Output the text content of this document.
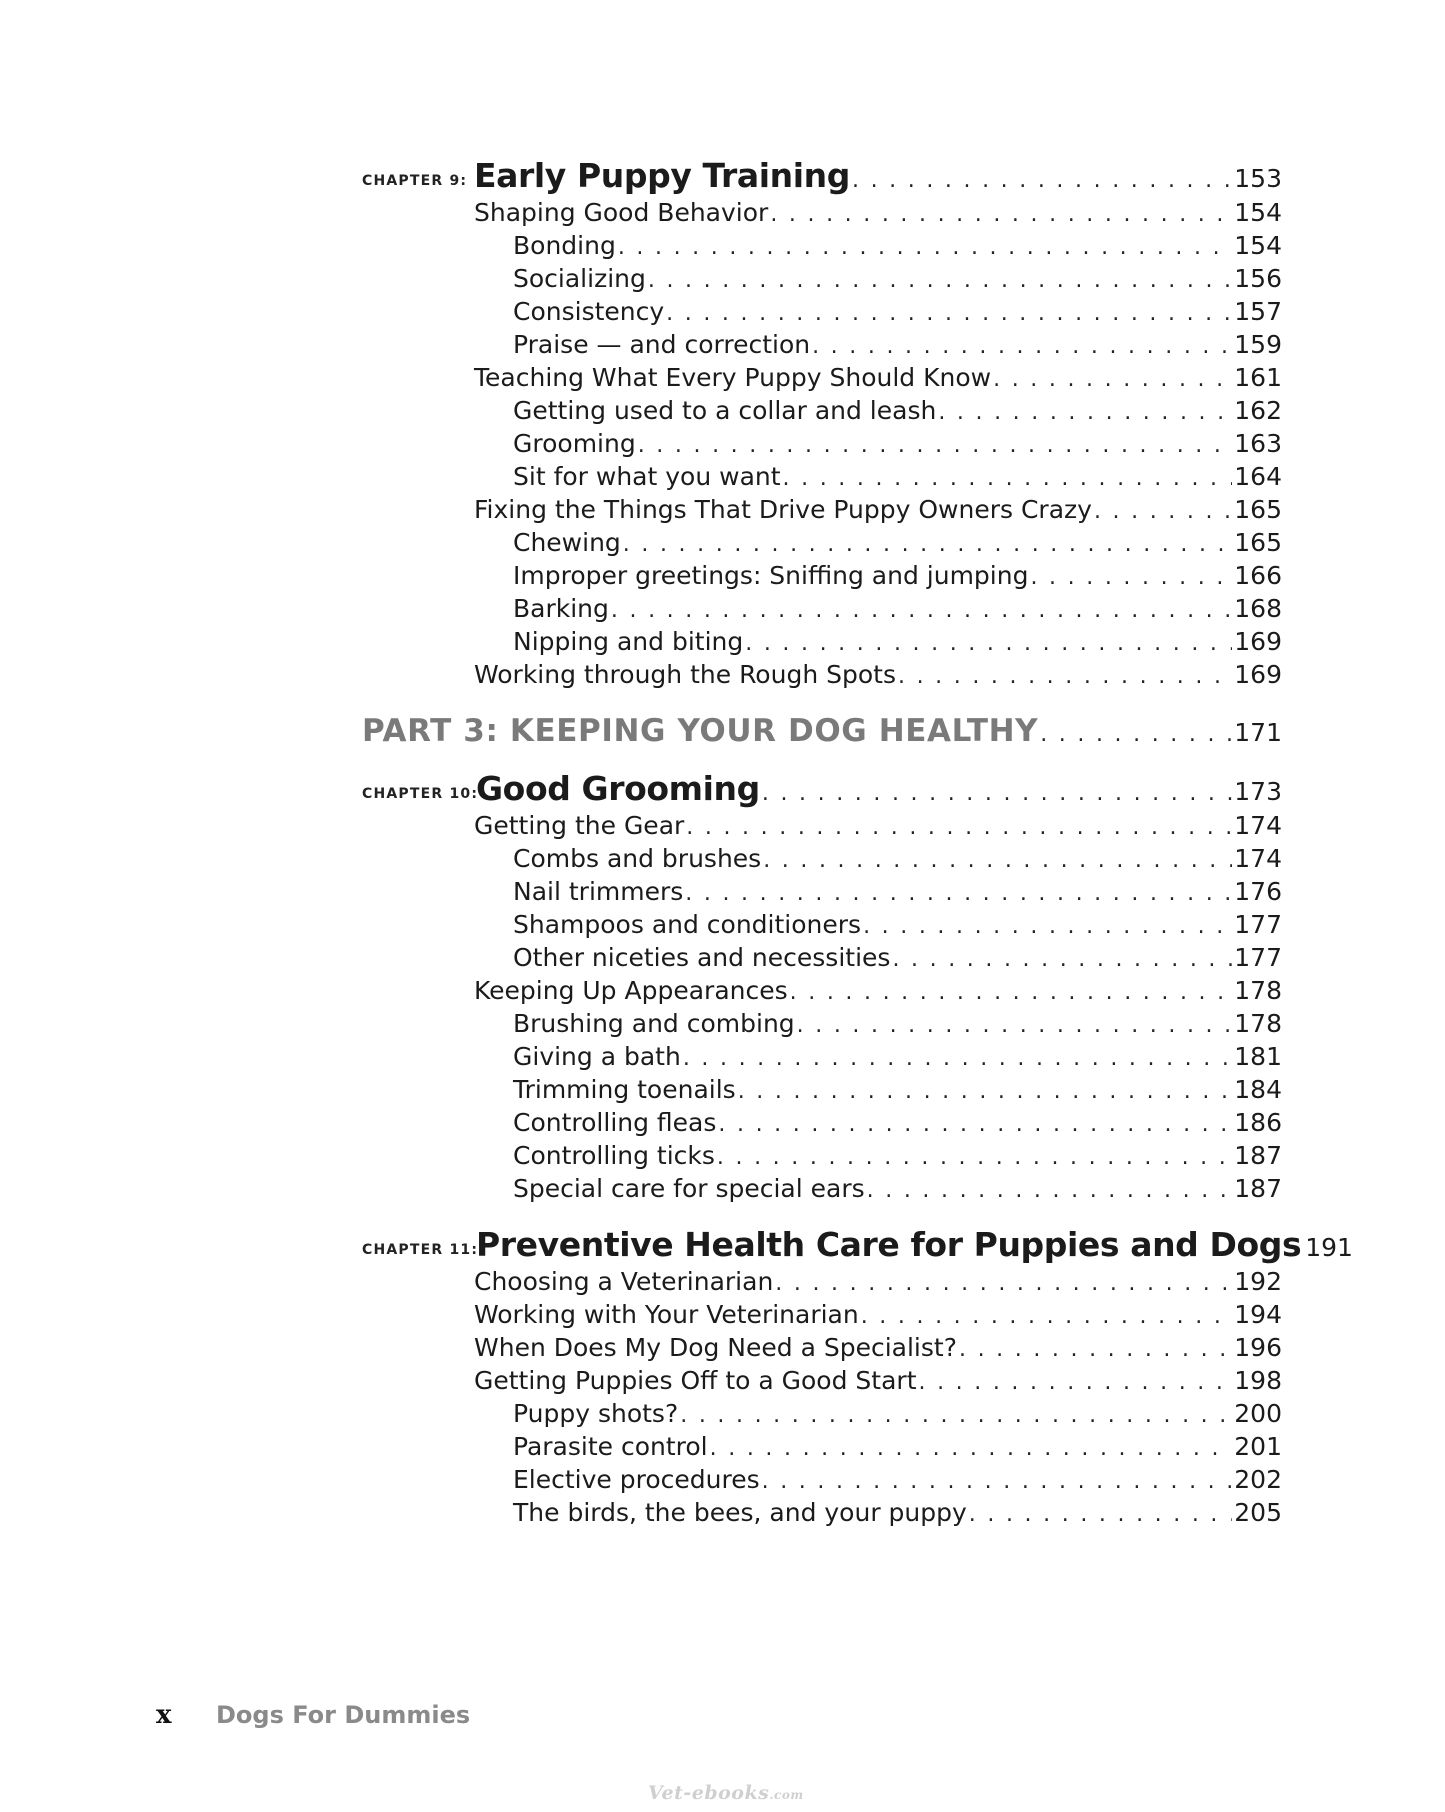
CHAPTER 9: Early Puppy Training . . .	153
Shaping Good Behavior . . .	154
Bonding . . .	154
Socializing . . .	156
Consistency . . .	157
Praise — and correction . . .	159
Teaching What Every Puppy Should Know . . .	161
Getting used to a collar and leash . . .	162
Grooming . . .	163
Sit for what you want . . .	164
Fixing the Things That Drive Puppy Owners Crazy . . .	165
Chewing . . .	165
Improper greetings: Sniffing and jumping . . .	166
Barking . . .	168
Nipping and biting . . .	169
Working through the Rough Spots . . .	169
PART 3: KEEPING YOUR DOG HEALTHY . . .	171
CHAPTER 10:
Good Grooming . . .	173
Getting the Gear . . .	174
Combs and brushes . . .	174
Nail trimmers . . .	176
Shampoos and conditioners . . .	177
Other niceties and necessities . . .	177
Keeping Up Appearances . . .	178
Brushing and combing . . .	178
Giving a bath . . .	181
Trimming toenails . . .	184
Controlling fleas . . .	186
Controlling ticks . . .	187
Special care for special ears . . .	187
CHAPTER 11:
Preventive Health Care for Puppies and Dogs 191
Choosing a Veterinarian . . .	192
Working with Your Veterinarian . . .	194
When Does My Dog Need a Specialist? . . .	196
Getting Puppies Off to a Good Start . . .	198
Puppy shots? . . .	200
Parasite control . . .	201
Elective procedures . . .	202
The birds, the bees, and your puppy . . .	205
x	Dogs For Dummies
Vet-ebooks.com
